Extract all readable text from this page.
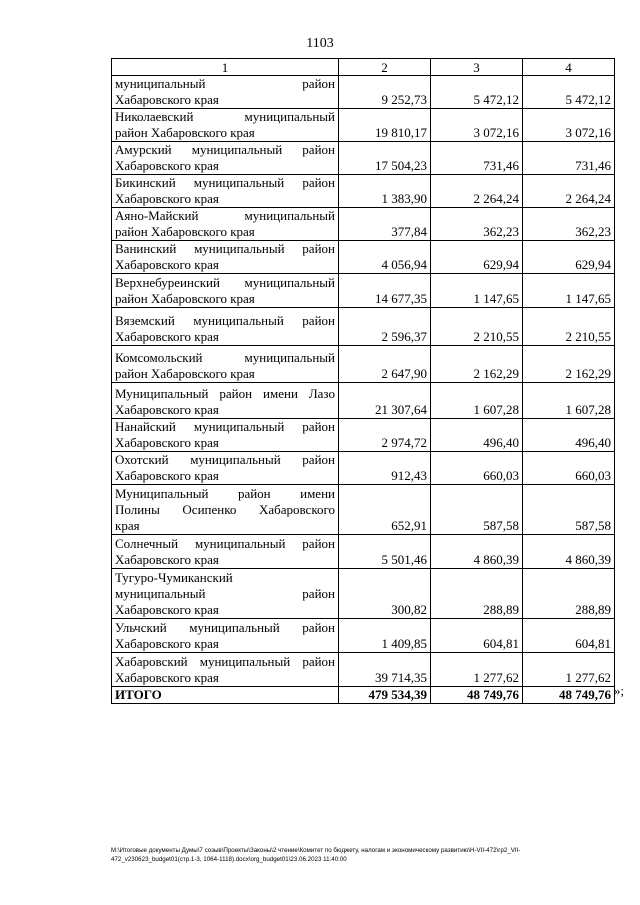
1103
1	2	3	4

муниципальный район
Хабаровского края	9 252,73	5 472,12	5 472,12

Николаевский муниципальный
район Хабаровского края	19 810,17	3 072,16	3 072,16

Амурский муниципальный район
Хабаровского края	17 504,23	731,46	731,46

Бикинский муниципальный район
Хабаровского края	1 383,90	2 264,24	2 264,24

Аяно-Майский муниципальный
район Хабаровского края	377,84	362,23	362,23

Ванинский муниципальный район
Хабаровского края	4 056,94	629,94	629,94

Верхнебуреинский муниципальный
район Хабаровского края	14 677,35	1 147,65	1 147,65

Вяземский муниципальный район
Хабаровского края	2 596,37	2 210,55	2 210,55

Комсомольский муниципальный
район Хабаровского края	2 647,90	2 162,29	2 162,29

Муниципальный район имени Лазо
Хабаровского края	21 307,64	1 607,28	1 607,28

Нанайский муниципальный район
Хабаровского края	2 974,72	496,40	496,40

Охотский муниципальный район
Хабаровского края	912,43	660,03	660,03

Муниципальный район имени
Полины Осипенко Хабаровского
края	652,91	587,58	587,58

Солнечный муниципальный район
Хабаровского края	5 501,46	4 860,39	4 860,39

Тугуро-Чумиканский
муниципальный район
Хабаровского края	300,82	288,89	288,89

Ульчский муниципальный район
Хабаровского края	1 409,85	604,81	604,81

Хабаровский муниципальный район
Хабаровского края	39 714,35	1 277,62	1 277,62
ИТОГО	479 534,39	48 749,76	48 749,76 »;
M:\Итоговые документы Думы\7 созыв\Проекты\Законы\2 чтение\Комитет по бюджету, налогам и экономическому развитию\Н-VII-472\гр2_VII-
472_v230623_budget01(стр.1-3, 1064-1118).docx\org_budget01\23.06.2023 11:40:00
